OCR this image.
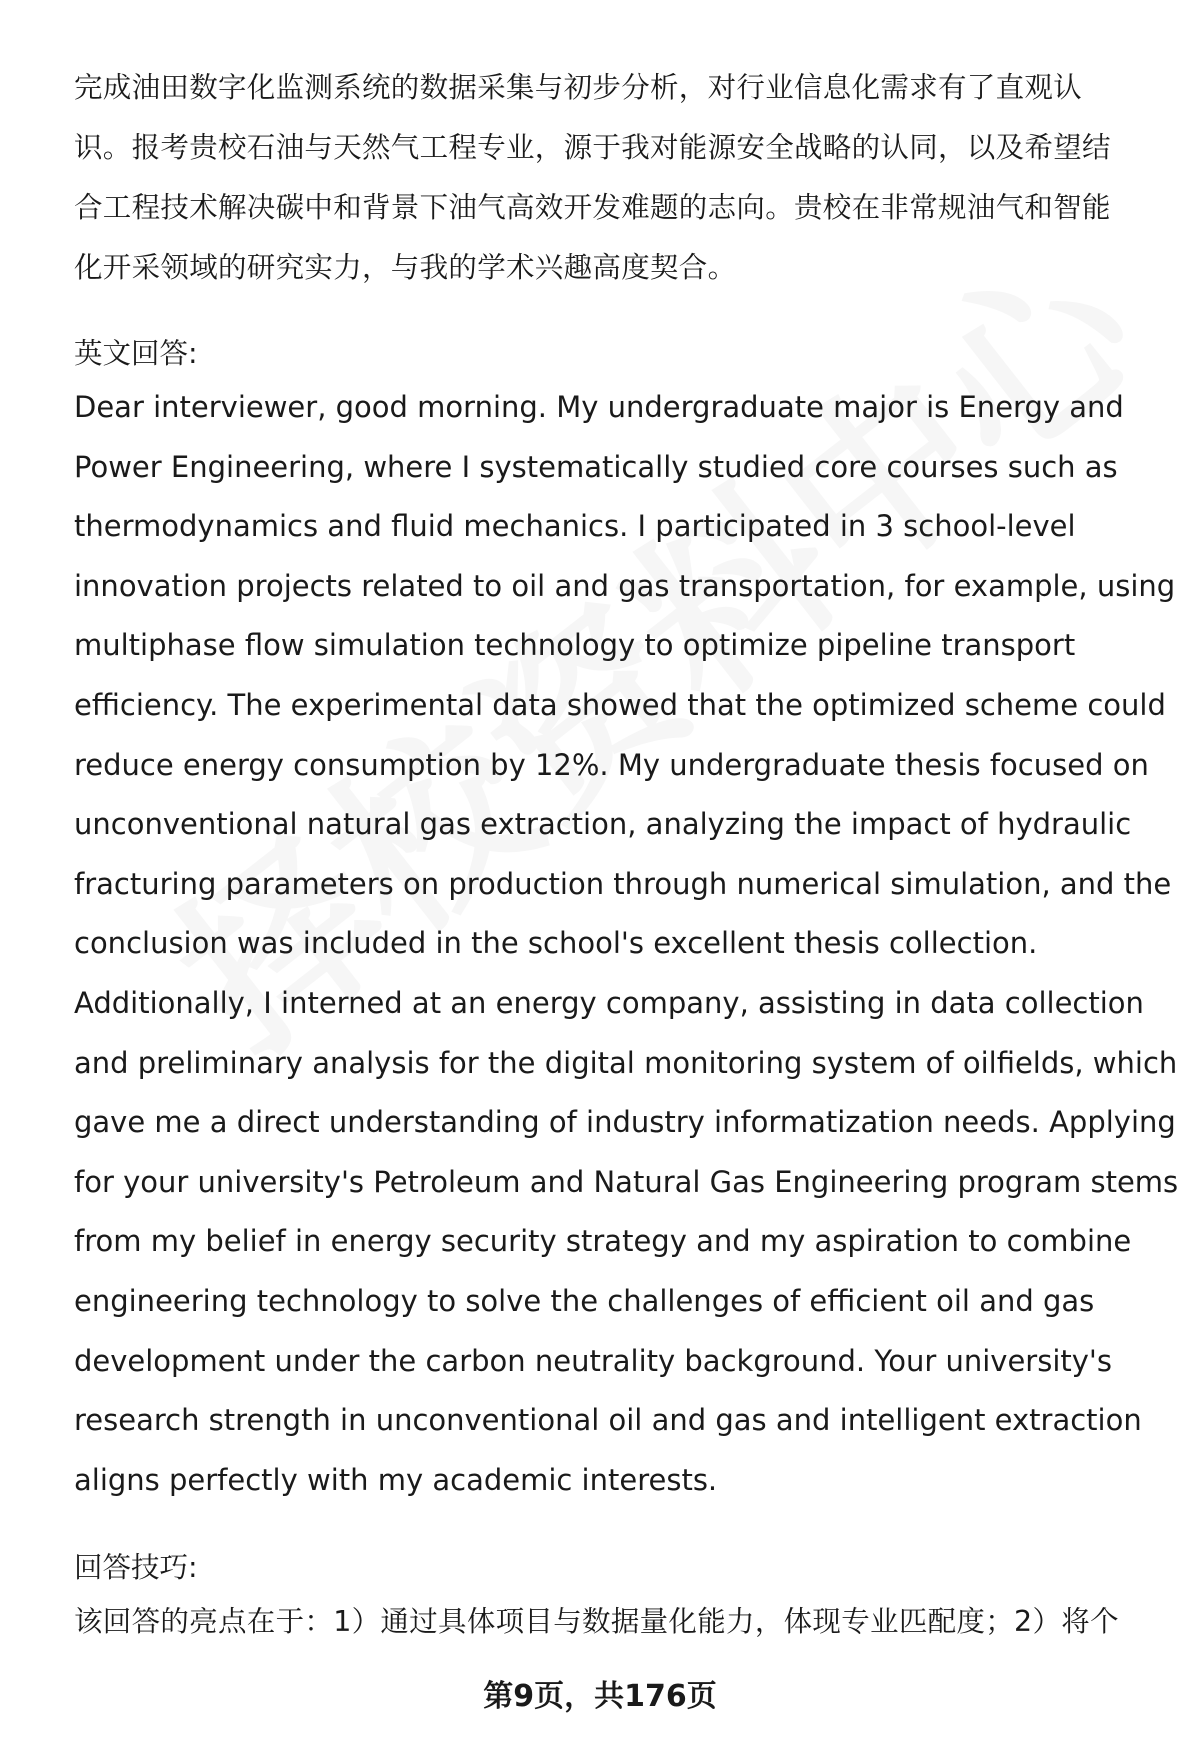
完成油田数字化监测系统的数据采集与初步分析，对行业信息化需求有了直观认

识。报考贵校石油与天然气工程专业，源于我对能源安全战略的认同，以及希望结

合工程技术解决碳中和背景下油气高效开发难题的志向。贵校在非常规油气和智能

化开采领域的研究实力，与我的学术兴趣高度契合。

英文回答:

Dear interviewer, good morning. My undergraduate major is Energy and

Power Engineering, where I systematically studied core courses such as

thermodynamics and fluid mechanics. I participated in 3 school-level

innovation projects related to oil and gas transportation, for example, using

multiphase flow simulation technology to optimize pipeline transport

efficiency. The experimental data showed that the optimized scheme could

reduce energy consumption by 12%. My undergraduate thesis focused on

unconventional natural gas extraction, analyzing the impact of hydraulic

fracturing parameters on production through numerical simulation, and the

conclusion was included in the school's excellent thesis collection.

Additionally, I interned at an energy company, assisting in data collection

and preliminary analysis for the digital monitoring system of oilfields, which

gave me a direct understanding of industry informatization needs. Applying

for your university's Petroleum and Natural Gas Engineering program stems

from my belief in energy security strategy and my aspiration to combine

engineering technology to solve the challenges of efficient oil and gas

development under the carbon neutrality background. Your university's

research strength in unconventional oil and gas and intelligent extraction

aligns perfectly with my academic interests.

回答技巧:

该回答的亮点在于：1）通过具体项目与数据量化能力，体现专业匹配度；2）将个

第9页，共176页
